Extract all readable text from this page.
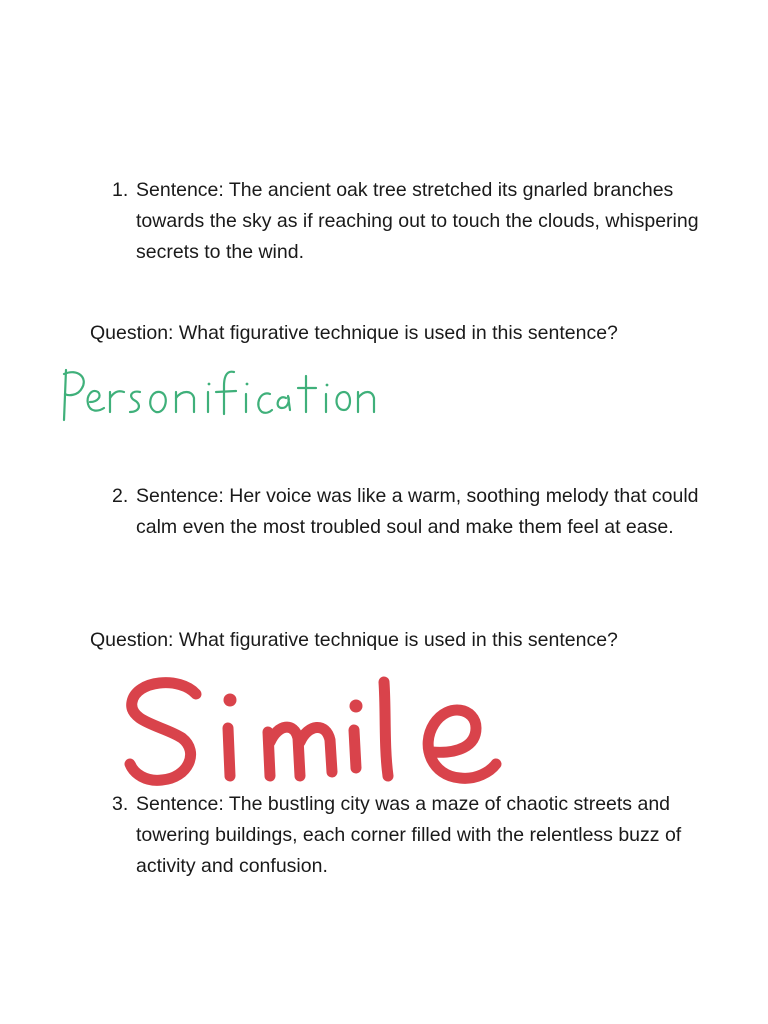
1. Sentence: The ancient oak tree stretched its gnarled branches towards the sky as if reaching out to touch the clouds, whispering secrets to the wind.
Question: What figurative technique is used in this sentence?
2. Sentence: Her voice was like a warm, soothing melody that could calm even the most troubled soul and make them feel at ease.
Question: What figurative technique is used in this sentence?
3. Sentence: The bustling city was a maze of chaotic streets and towering buildings, each corner filled with the relentless buzz of activity and confusion.
